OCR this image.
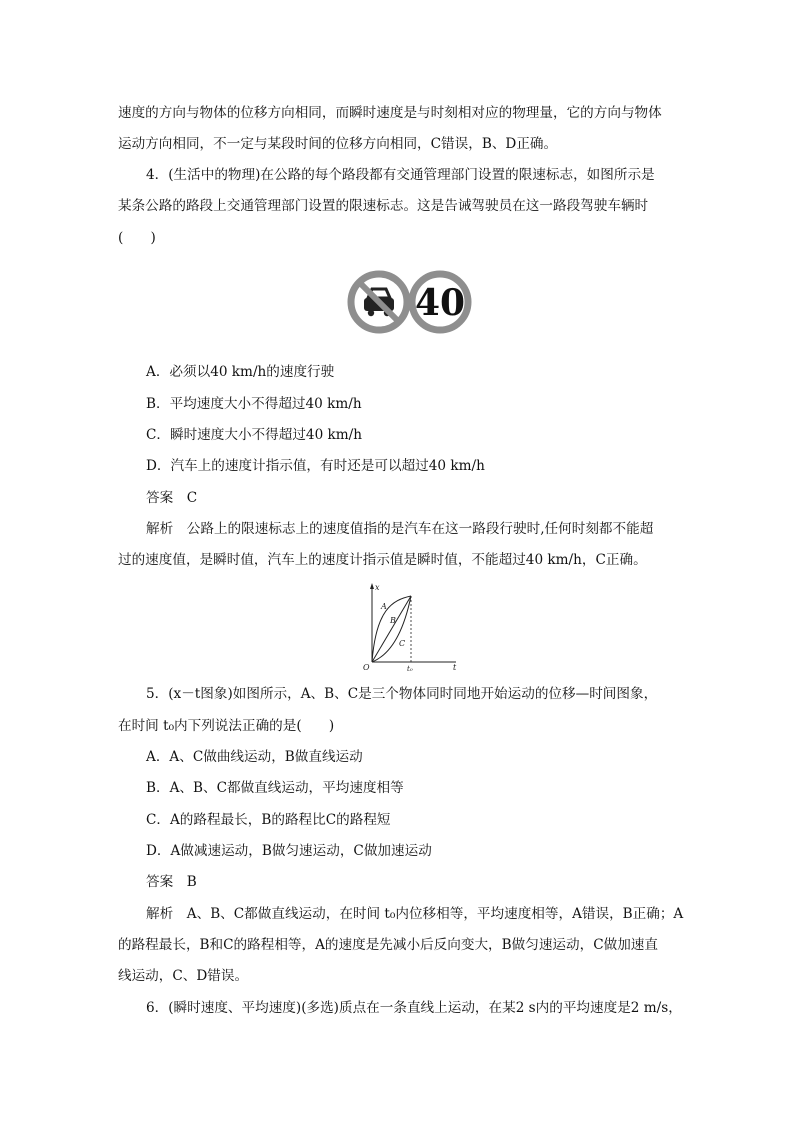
速度的方向与物体的位移方向相同，而瞬时速度是与时刻相对应的物理量，它的方向与物体
运动方向相同，不一定与某段时间的位移方向相同，C错误，B、D正确。
4．(生活中的物理)在公路的每个路段都有交通管理部门设置的限速标志，如图所示是
某条公路的路段上交通管理部门设置的限速标志。这是告诫驾驶员在这一路段驾驶车辆时
(　　)
40
A．必须以40 km/h的速度行驶
B．平均速度大小不得超过40 km/h
C．瞬时速度大小不得超过40 km/h
D．汽车上的速度计指示值，有时还是可以超过40 km/h
答案　C
解析　公路上的限速标志上的速度值指的是汽车在这一路段行驶时,任何时刻都不能超
过的速度值，是瞬时值，汽车上的速度计指示值是瞬时值，不能超过40 km/h，C正确。
x
t
O	t₀
A
B
C
5．(x－t图象)如图所示，A、B、C是三个物体同时同地开始运动的位移—时间图象，
在时间 t₀内下列说法正确的是(　　)
A．A、C做曲线运动，B做直线运动
B．A、B、C都做直线运动，平均速度相等
C．A的路程最长，B的路程比C的路程短
D．A做减速运动，B做匀速运动，C做加速运动
答案　B
解析　A、B、C都做直线运动，在时间 t₀内位移相等，平均速度相等，A错误，B正确；A
的路程最长，B和C的路程相等，A的速度是先减小后反向变大，B做匀速运动，C做加速直
线运动，C、D错误。
6．(瞬时速度、平均速度)(多选)质点在一条直线上运动，在某2 s内的平均速度是2 m/s，
